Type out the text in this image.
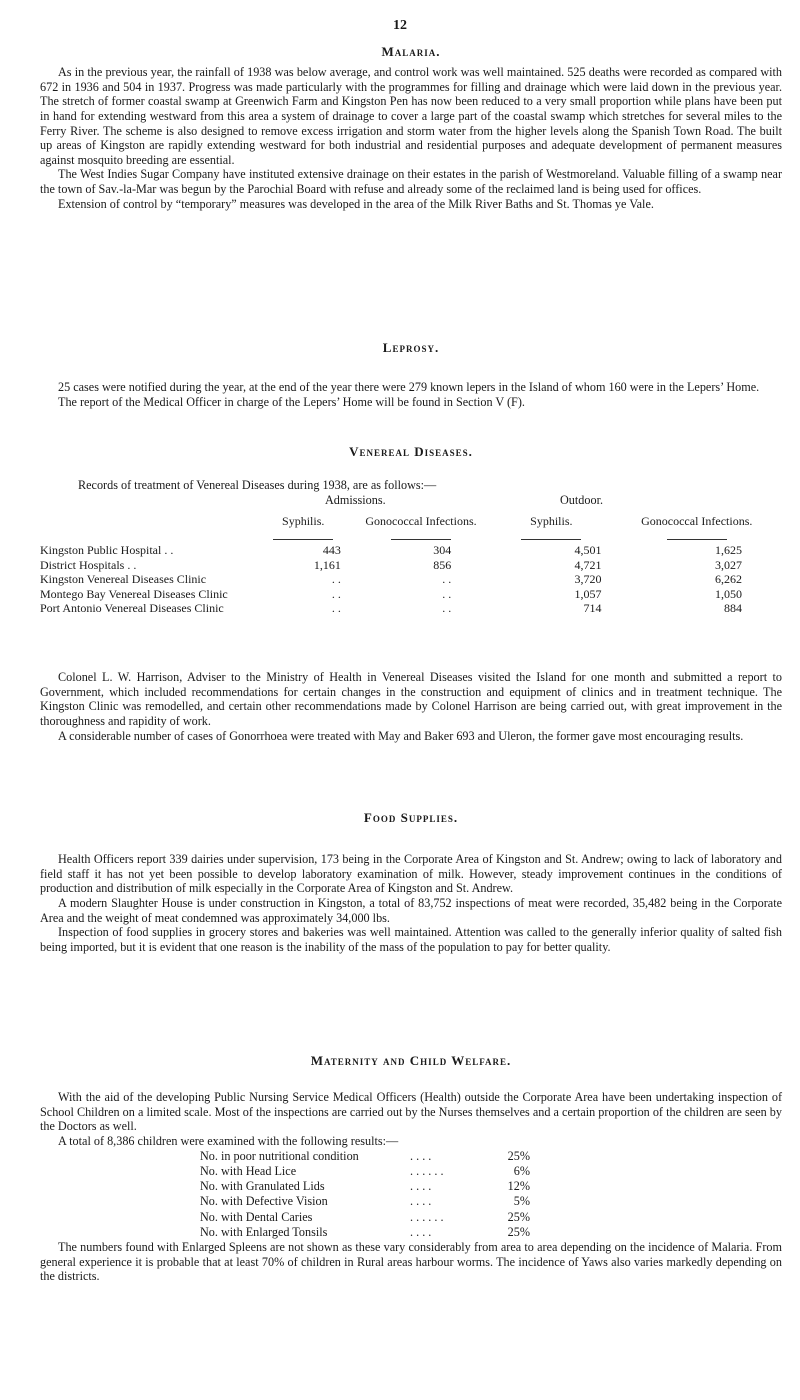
12
Malaria.

As in the previous year, the rainfall of 1938 was below average, and control work was well maintained. 525 deaths were recorded as compared with 672 in 1936 and 504 in 1937. Progress was made particularly with the programmes for filling and drainage which were laid down in the previous year. The stretch of former coastal swamp at Greenwich Farm and Kingston Pen has now been reduced to a very small proportion while plans have been put in hand for extending westward from this area a system of drainage to cover a large part of the coastal swamp which stretches for several miles to the Ferry River. The scheme is also designed to remove excess irrigation and storm water from the higher levels along the Spanish Town Road. The built up areas of Kingston are rapidly extending westward for both industrial and residential purposes and adequate development of permanent measures against mosquito breeding are essential.

The West Indies Sugar Company have instituted extensive drainage on their estates in the parish of Westmoreland. Valuable filling of a swamp near the town of Sav.-la-Mar was begun by the Parochial Board with refuse and already some of the reclaimed land is being used for offices.

Extension of control by “temporary” measures was developed in the area of the Milk River Baths and St. Thomas ye Vale.

Leprosy.

25 cases were notified during the year, at the end of the year there were 279 known lepers in the Island of whom 160 were in the Lepers’ Home.

The report of the Medical Officer in charge of the Lepers’ Home will be found in Section V (F).

Venereal Diseases.

Records of treatment of Venereal Diseases during 1938, are as follows:—

Admissions.	Outdoor.
	Syphilis.	Gonococcal Infections.	Syphilis.	Gonococcal Infections.

Kingston Public Hospital . .	443	304	4,501	1,625
District Hospitals . .	1,161	856	4,721	3,027
Kingston Venereal Diseases Clinic	. .	. .	3,720	6,262
Montego Bay Venereal Diseases Clinic	. .	. .	1,057	1,050
Port Antonio Venereal Diseases Clinic	. .	. .	714	884

Colonel L. W. Harrison, Adviser to the Ministry of Health in Venereal Diseases visited the Island for one month and submitted a report to Government, which included recommendations for certain changes in the construction and equipment of clinics and in treatment technique. The Kingston Clinic was remodelled, and certain other recommendations made by Colonel Harrison are being carried out, with great improvement in the thoroughness and rapidity of work.

A considerable number of cases of Gonorrhoea were treated with May and Baker 693 and Uleron, the former gave most encouraging results.

Food Supplies.

Health Officers report 339 dairies under supervision, 173 being in the Corporate Area of Kingston and St. Andrew; owing to lack of laboratory and field staff it has not yet been possible to develop laboratory examination of milk. However, steady improvement continues in the conditions of production and distribution of milk especially in the Corporate Area of Kingston and St. Andrew.

A modern Slaughter House is under construction in Kingston, a total of 83,752 inspections of meat were recorded, 35,482 being in the Corporate Area and the weight of meat condemned was approximately 34,000 lbs.

Inspection of food supplies in grocery stores and bakeries was well maintained. Attention was called to the generally inferior quality of salted fish being imported, but it is evident that one reason is the inability of the mass of the population to pay for better quality.

Maternity and Child Welfare.

With the aid of the developing Public Nursing Service Medical Officers (Health) outside the Corporate Area have been undertaking inspection of School Children on a limited scale. Most of the inspections are carried out by the Nurses themselves and a certain proportion of the children are seen by the Doctors as well.

A total of 8,386 children were examined with the following results:—

No. in poor nutritional condition	. . . .	25%
No. with Head Lice	. . . . . .	6%
No. with Granulated Lids	. . . .	12%
No. with Defective Vision	. . . .	5%
No. with Dental Caries	. . . . . .	25%
No. with Enlarged Tonsils	. . . .	25%

The numbers found with Enlarged Spleens are not shown as these vary considerably from area to area depending on the incidence of Malaria. From general experience it is probable that at least 70% of children in Rural areas harbour worms. The incidence of Yaws also varies markedly depending on the districts.
